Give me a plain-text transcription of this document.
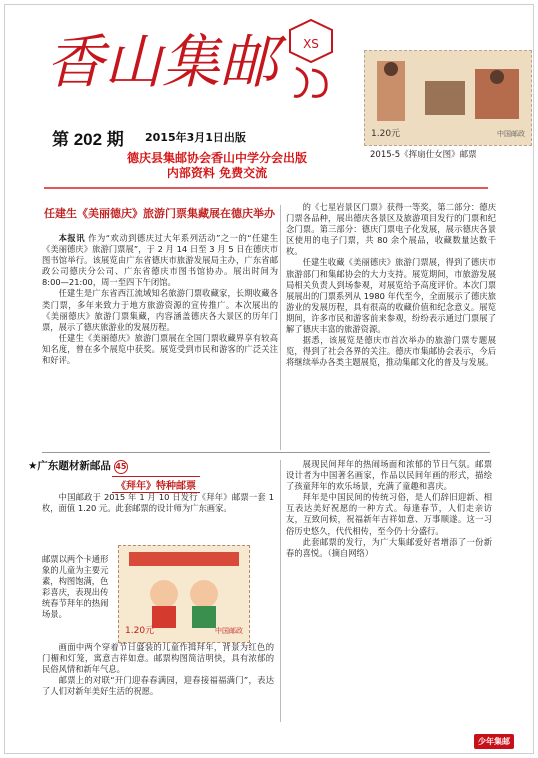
香山集邮	XS
1.20元	中国邮政
2015-5《挥扇仕女图》邮票
第 202 期 2015年3月1日出版
德庆县集邮协会香山中学分会出版
内部资料 免费交流
任建生《美丽德庆》旅游门票集藏展在德庆举办

本报讯 作为“欢动到德庆过大年系列活动”之一的“任建生《美丽德庆》旅游门票展”，于 2 月 14 日至 3 月 5 日在德庆市图书馆举行。该展览由广东省德庆市旅游发展局主办，广东省邮政公司德庆分公司、广东省德庆市图书馆协办。展出时间为 8:00—21:00，周一至四下午闭馆。

任建生是广东省西江流域知名旅游门票收藏家，长期收藏各类门票，多年来致力于地方旅游资源的宣传推广。本次展出的《美丽德庆》旅游门票集藏，内容涵盖德庆各大景区的历年门票，展示了德庆旅游业的发展历程。

任建生《美丽德庆》旅游门票展在全国门票收藏界享有较高知名度，曾在多个展览中获奖。展览受到市民和游客的广泛关注和好评。

的《七星岩景区门票》获得一等奖，第二部分：德庆门票各品种，展出德庆各景区及旅游项目发行的门票和纪念门票。第三部分：德庆门票电子化发展，展示德庆各景区使用的电子门票，共 80 余个展品，收藏数量达数千枚。

任建生收藏《美丽德庆》旅游门票展，得到了德庆市旅游部门和集邮协会的大力支持。展览期间，市旅游发展局相关负责人到场参观，对展览给予高度评价。本次门票展展出的门票系列从 1980 年代至今，全面展示了德庆旅游业的发展历程，具有很高的收藏价值和纪念意义。展览期间，许多市民和游客前来参观，纷纷表示通过门票展了解了德庆丰富的旅游资源。

据悉，该展览是德庆市首次举办的旅游门票专题展览，得到了社会各界的关注。德庆市集邮协会表示，今后将继续举办各类主题展览，推动集邮文化的普及与发展。

★广东题材新邮品 45
《拜年》特种邮票

中国邮政于 2015 年 1 月 10 日发行《拜年》邮票一套 1 枚，面值 1.20 元。此套邮票的设计师为广东画家。

邮票以两个卡通形象的儿童为主要元素，构图饱满，色彩喜庆，表现出传统春节拜年的热闹场景。
1.20元	中国邮政

画面中两个穿着节日盛装的儿童作揖拜年，背景为红色的门楣和灯笼，寓意吉祥如意。邮票构图简洁明快，具有浓郁的民俗风情和新年气息。

邮票上的对联“开门迎春春满园，迎春接福福满门”，表达了人们对新年美好生活的祝愿。

展现民间拜年的热闹场面和浓郁的节日气氛。邮票设计者为中国著名画家，作品以民间年画的形式，描绘了孩童拜年的欢乐场景，充满了童趣和喜庆。

拜年是中国民间的传统习俗，是人们辞旧迎新、相互表达美好祝愿的一种方式。每逢春节，人们走亲访友，互致问候，祝福新年吉祥如意、万事顺遂。这一习俗历史悠久，代代相传，至今仍十分盛行。

此套邮票的发行，为广大集邮爱好者增添了一份新春的喜悦。（摘自网络）

少年集邮
